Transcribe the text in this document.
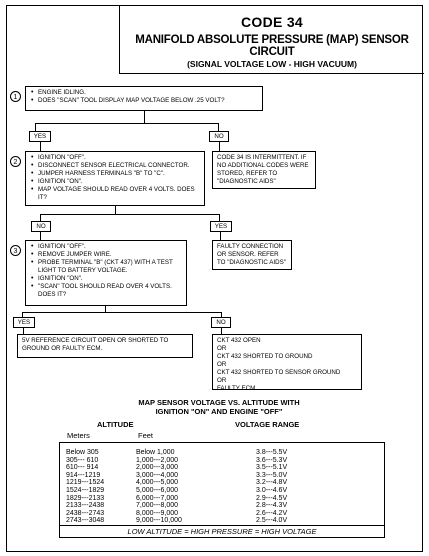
CODE 34
MANIFOLD ABSOLUTE PRESSURE (MAP) SENSOR CIRCUIT
(SIGNAL VOLTAGE LOW - HIGH VACUUM)
1
• ENGINE IDLING.
• DOES "SCAN" TOOL DISPLAY MAP VOLTAGE BELOW .25 VOLT?
YES	NO
2
• IGNITION "OFF".
• DISCONNECT SENSOR ELECTRICAL CONNECTOR.
• JUMPER HARNESS TERMINALS "B" TO "C".
• IGNITION "ON".
• MAP VOLTAGE SHOULD READ OVER 4 VOLTS. DOES IT?
CODE 34 IS INTERMITTENT. IF NO ADDITIONAL CODES WERE STORED, REFER TO "DIAGNOSTIC AIDS"
NO	YES
3
• IGNITION "OFF".
• REMOVE JUMPER WIRE.
• PROBE TERMINAL "B" (CKT 437) WITH A TEST LIGHT TO BATTERY VOLTAGE.
• IGNITION "ON".
• "SCAN" TOOL SHOULD READ OVER 4 VOLTS. DOES IT?
FAULTY CONNECTION OR SENSOR. REFER TO "DIAGNOSTIC AIDS"
YES	NO
5V REFERENCE CIRCUIT OPEN OR SHORTED TO GROUND OR FAULTY ECM.
CKT 432 OPEN
OR
CKT 432 SHORTED TO GROUND
OR
CKT 432 SHORTED TO SENSOR GROUND
OR
FAULTY ECM.
MAP SENSOR VOLTAGE VS. ALTITUDE WITH
IGNITION "ON" AND ENGINE "OFF"
ALTITUDE	VOLTAGE RANGE
Meters	Feet
Below 305	Below 1,000	3.8---5.5V
305--- 610	1,000---2,000	3.6---5.3V
610--- 914	2,000---3,000	3.5---5.1V
914---1219	3,000---4,000	3.3---5.0V
1219---1524	4,000---5,000	3.2---4.8V
1524---1829	5,000---6,000	3.0---4.6V
1829---2133	6,000---7,000	2.9---4.5V
2133---2438	7,000---8,000	2.8---4.3V
2438---2743	8,000---9,000	2.6---4.2V
2743---3048	9,000---10,000	2.5---4.0V
LOW ALTITUDE = HIGH PRESSURE = HIGH VOLTAGE
